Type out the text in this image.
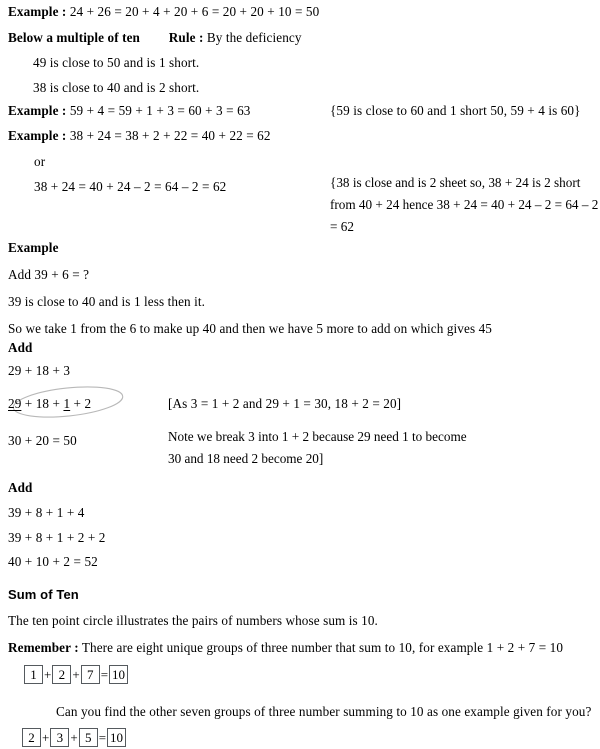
Example : 24 + 26 = 20 + 4 + 20 + 6 = 20 + 20 + 10 = 50
Below a multiple of ten Rule : By the deficiency
49 is close to 50 and is 1 short.
38 is close to 40 and is 2 short.
Example : 59 + 4 = 59 + 1 + 3 = 60 + 3 = 63	{59 is close to 60 and 1 short 50, 59 + 4 is 60}
Example : 38 + 24 = 38 + 2 + 22 = 40 + 22 = 62
or
38 + 24 = 40 + 24 – 2 = 64 – 2 = 62	{38 is close and is 2 sheet so, 38 + 24 is 2 short from 40 + 24 hence 38 + 24 = 40 + 24 – 2 = 64 – 2 = 62
Example
Add 39 + 6 = ?
39 is close to 40 and is 1 less then it.
So we take 1 from the 6 to make up 40 and then we have 5 more to add on which gives 45
Add
29 + 18 + 3
29 + 18 + 1 + 2	[As 3 = 1 + 2 and 29 + 1 = 30, 18 + 2 = 20]
30 + 20 = 50	Note we break 3 into 1 + 2 because 29 need 1 to become 30 and 18 need 2 become 20]
Add
39 + 8 + 1 + 4
39 + 8 + 1 + 2 + 2
40 + 10 + 2 = 52
Sum of Ten
The ten point circle illustrates the pairs of numbers whose sum is 10.
Remember : There are eight unique groups of three number that sum to 10, for example 1 + 2 + 7 = 10
1 + 2 + 7 = 10
Can you find the other seven groups of three number summing to 10 as one example given for you?
2 + 3 + 5 = 10
